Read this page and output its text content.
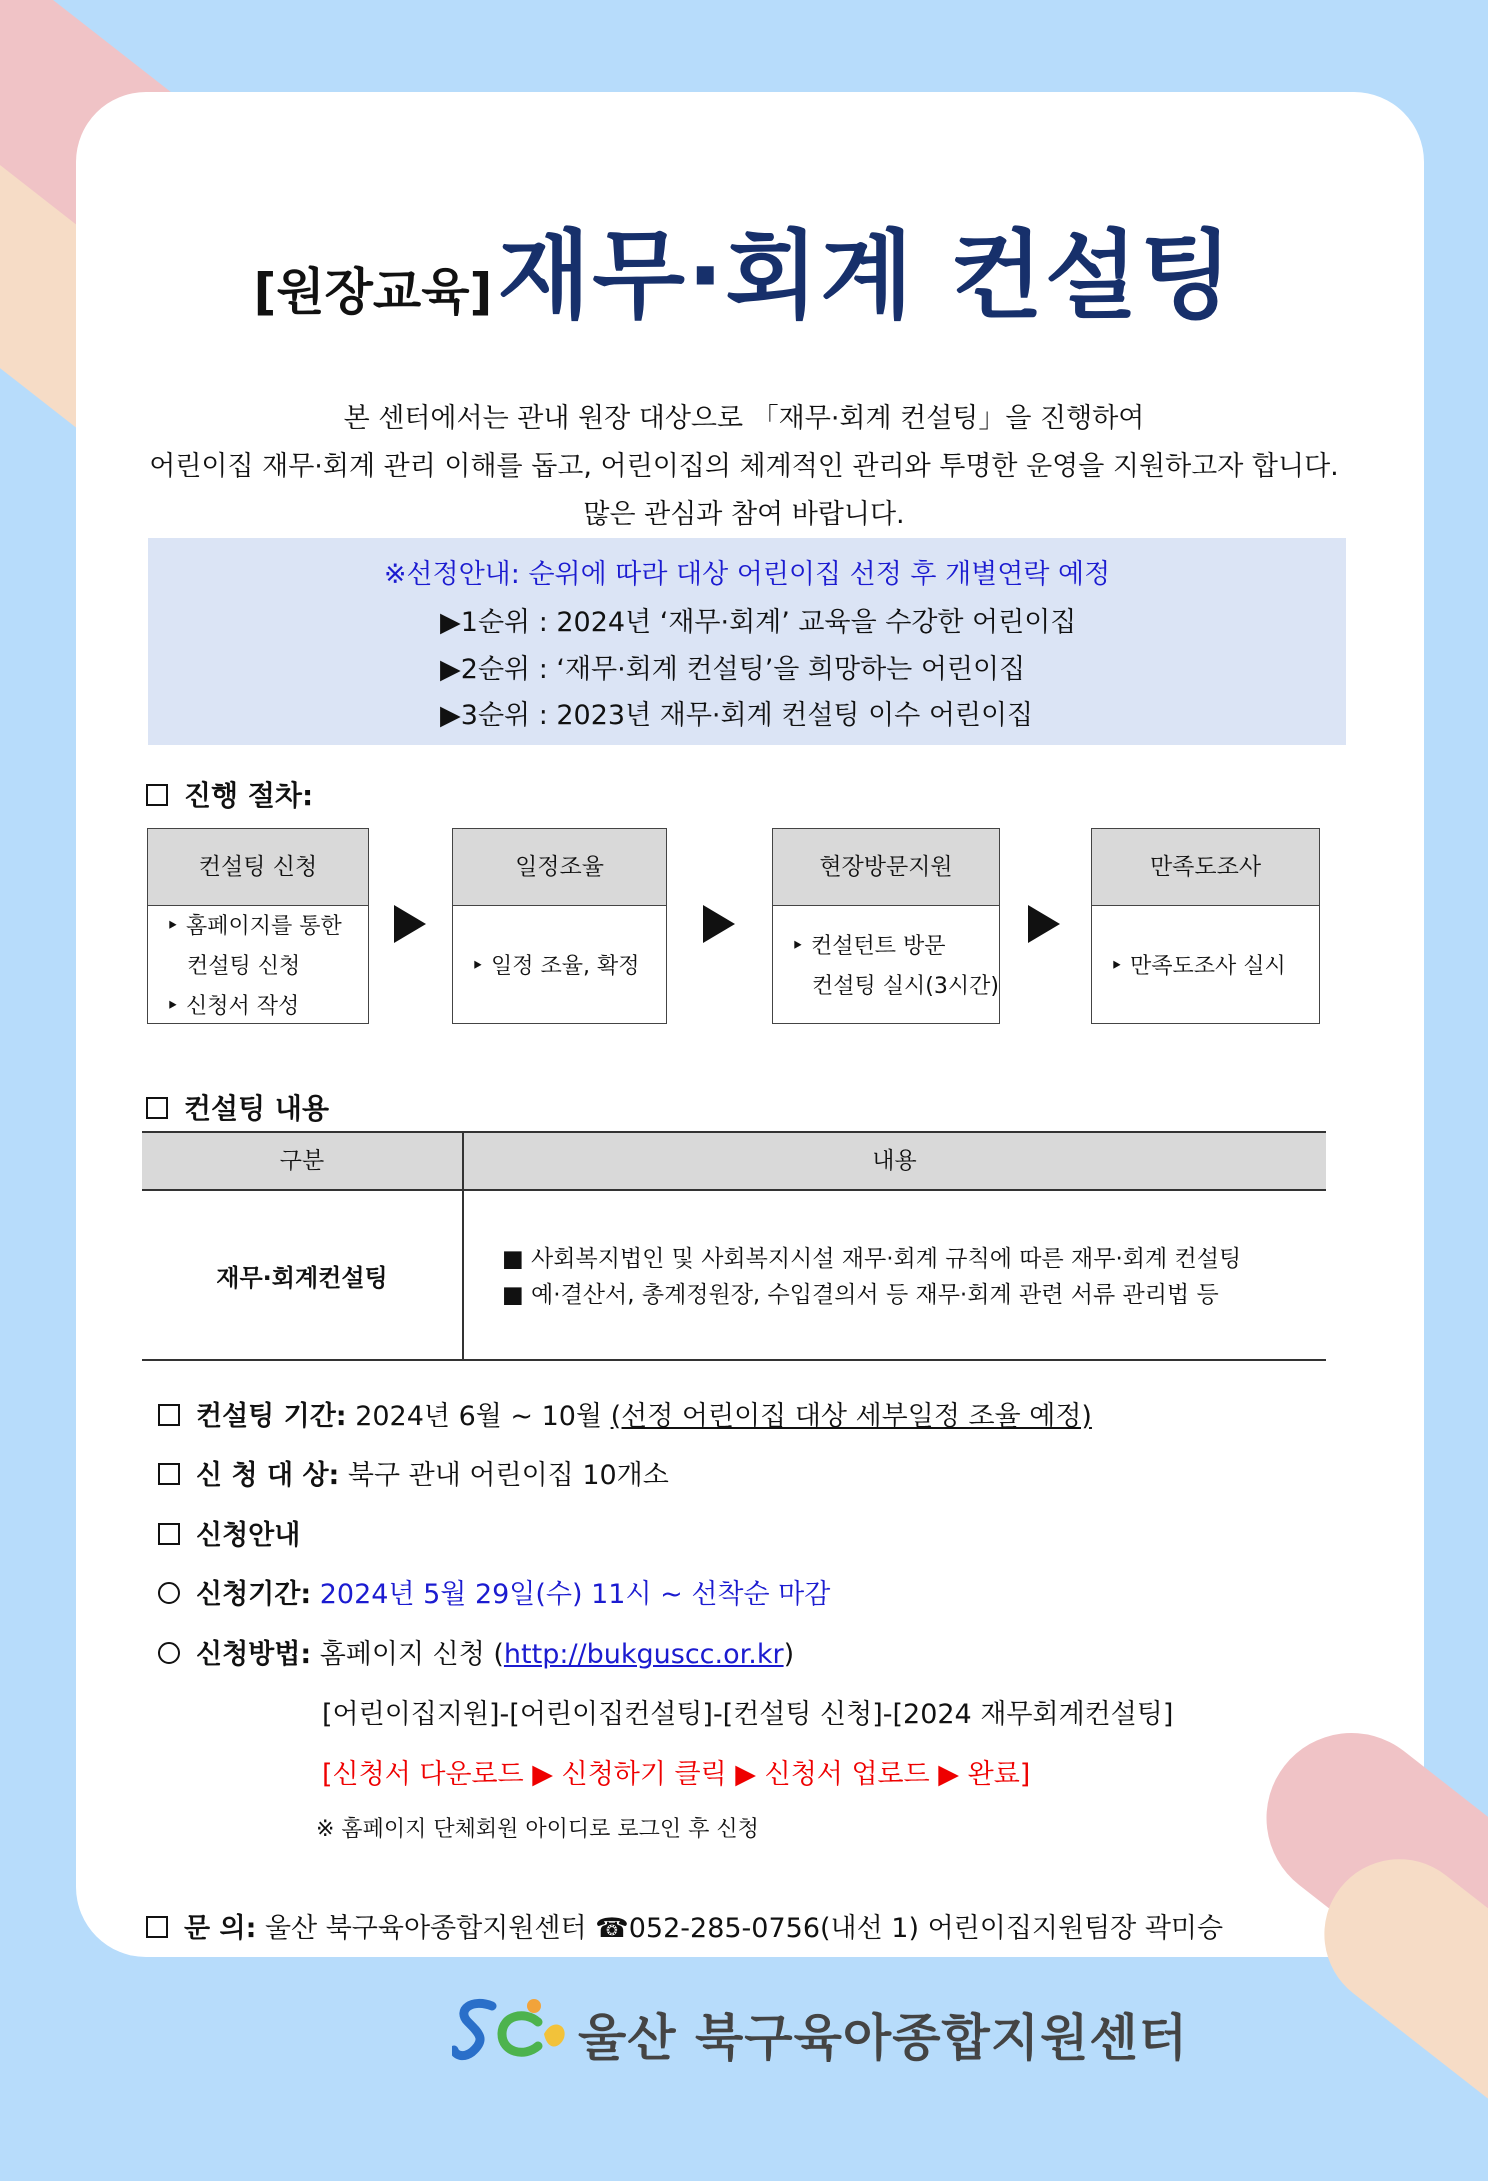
[원장교육] 재무·회계 컨설팅
본 센터에서는 관내 원장 대상으로 「재무·회계 컨설팅」을 진행하여
어린이집 재무·회계 관리 이해를 돕고, 어린이집의 체계적인 관리와 투명한 운영을 지원하고자 합니다.
많은 관심과 참여 바랍니다.
※선정안내: 순위에 따라 대상 어린이집 선정 후 개별연락 예정
▶1순위 : 2024년 ‘재무·회계’ 교육을 수강한 어린이집
▶2순위 : ‘재무·회계 컨설팅’을 희망하는 어린이집
▶3순위 : 2023년 재무·회계 컨설팅 이수 어린이집
진행 절차:
컨설팅 신청
‣ 홈페이지를 통한
컨설팅 신청
‣ 신청서 작성
일정조율
‣ 일정 조율, 확정
현장방문지원
‣ 컨설턴트 방문
컨설팅 실시(3시간)
만족도조사
‣ 만족도조사 실시
컨설팅 내용
구분	내용
재무·회계컨설팅
■ 사회복지법인 및 사회복지시설 재무·회계 규칙에 따른 재무·회계 컨설팅
■ 예·결산서, 총계정원장, 수입결의서 등 재무·회계 관련 서류 관리법 등
컨설팅 기간: 2024년 6월 ~ 10월 (선정 어린이집 대상 세부일정 조율 예정)
신 청 대 상: 북구 관내 어린이집 10개소
신청안내
신청기간: 2024년 5월 29일(수) 11시 ~ 선착순 마감
신청방법: 홈페이지 신청 (http://bukguscc.or.kr)
[어린이집지원]-[어린이집컨설팅]-[컨설팅 신청]-[2024 재무회계컨설팅]
[신청서 다운로드 ▶ 신청하기 클릭 ▶ 신청서 업로드 ▶ 완료]
※ 홈페이지 단체회원 아이디로 로그인 후 신청
문 의: 울산 북구육아종합지원센터 ☎052-285-0756(내선 1) 어린이집지원팀장 곽미승
울산 북구육아종합지원센터
